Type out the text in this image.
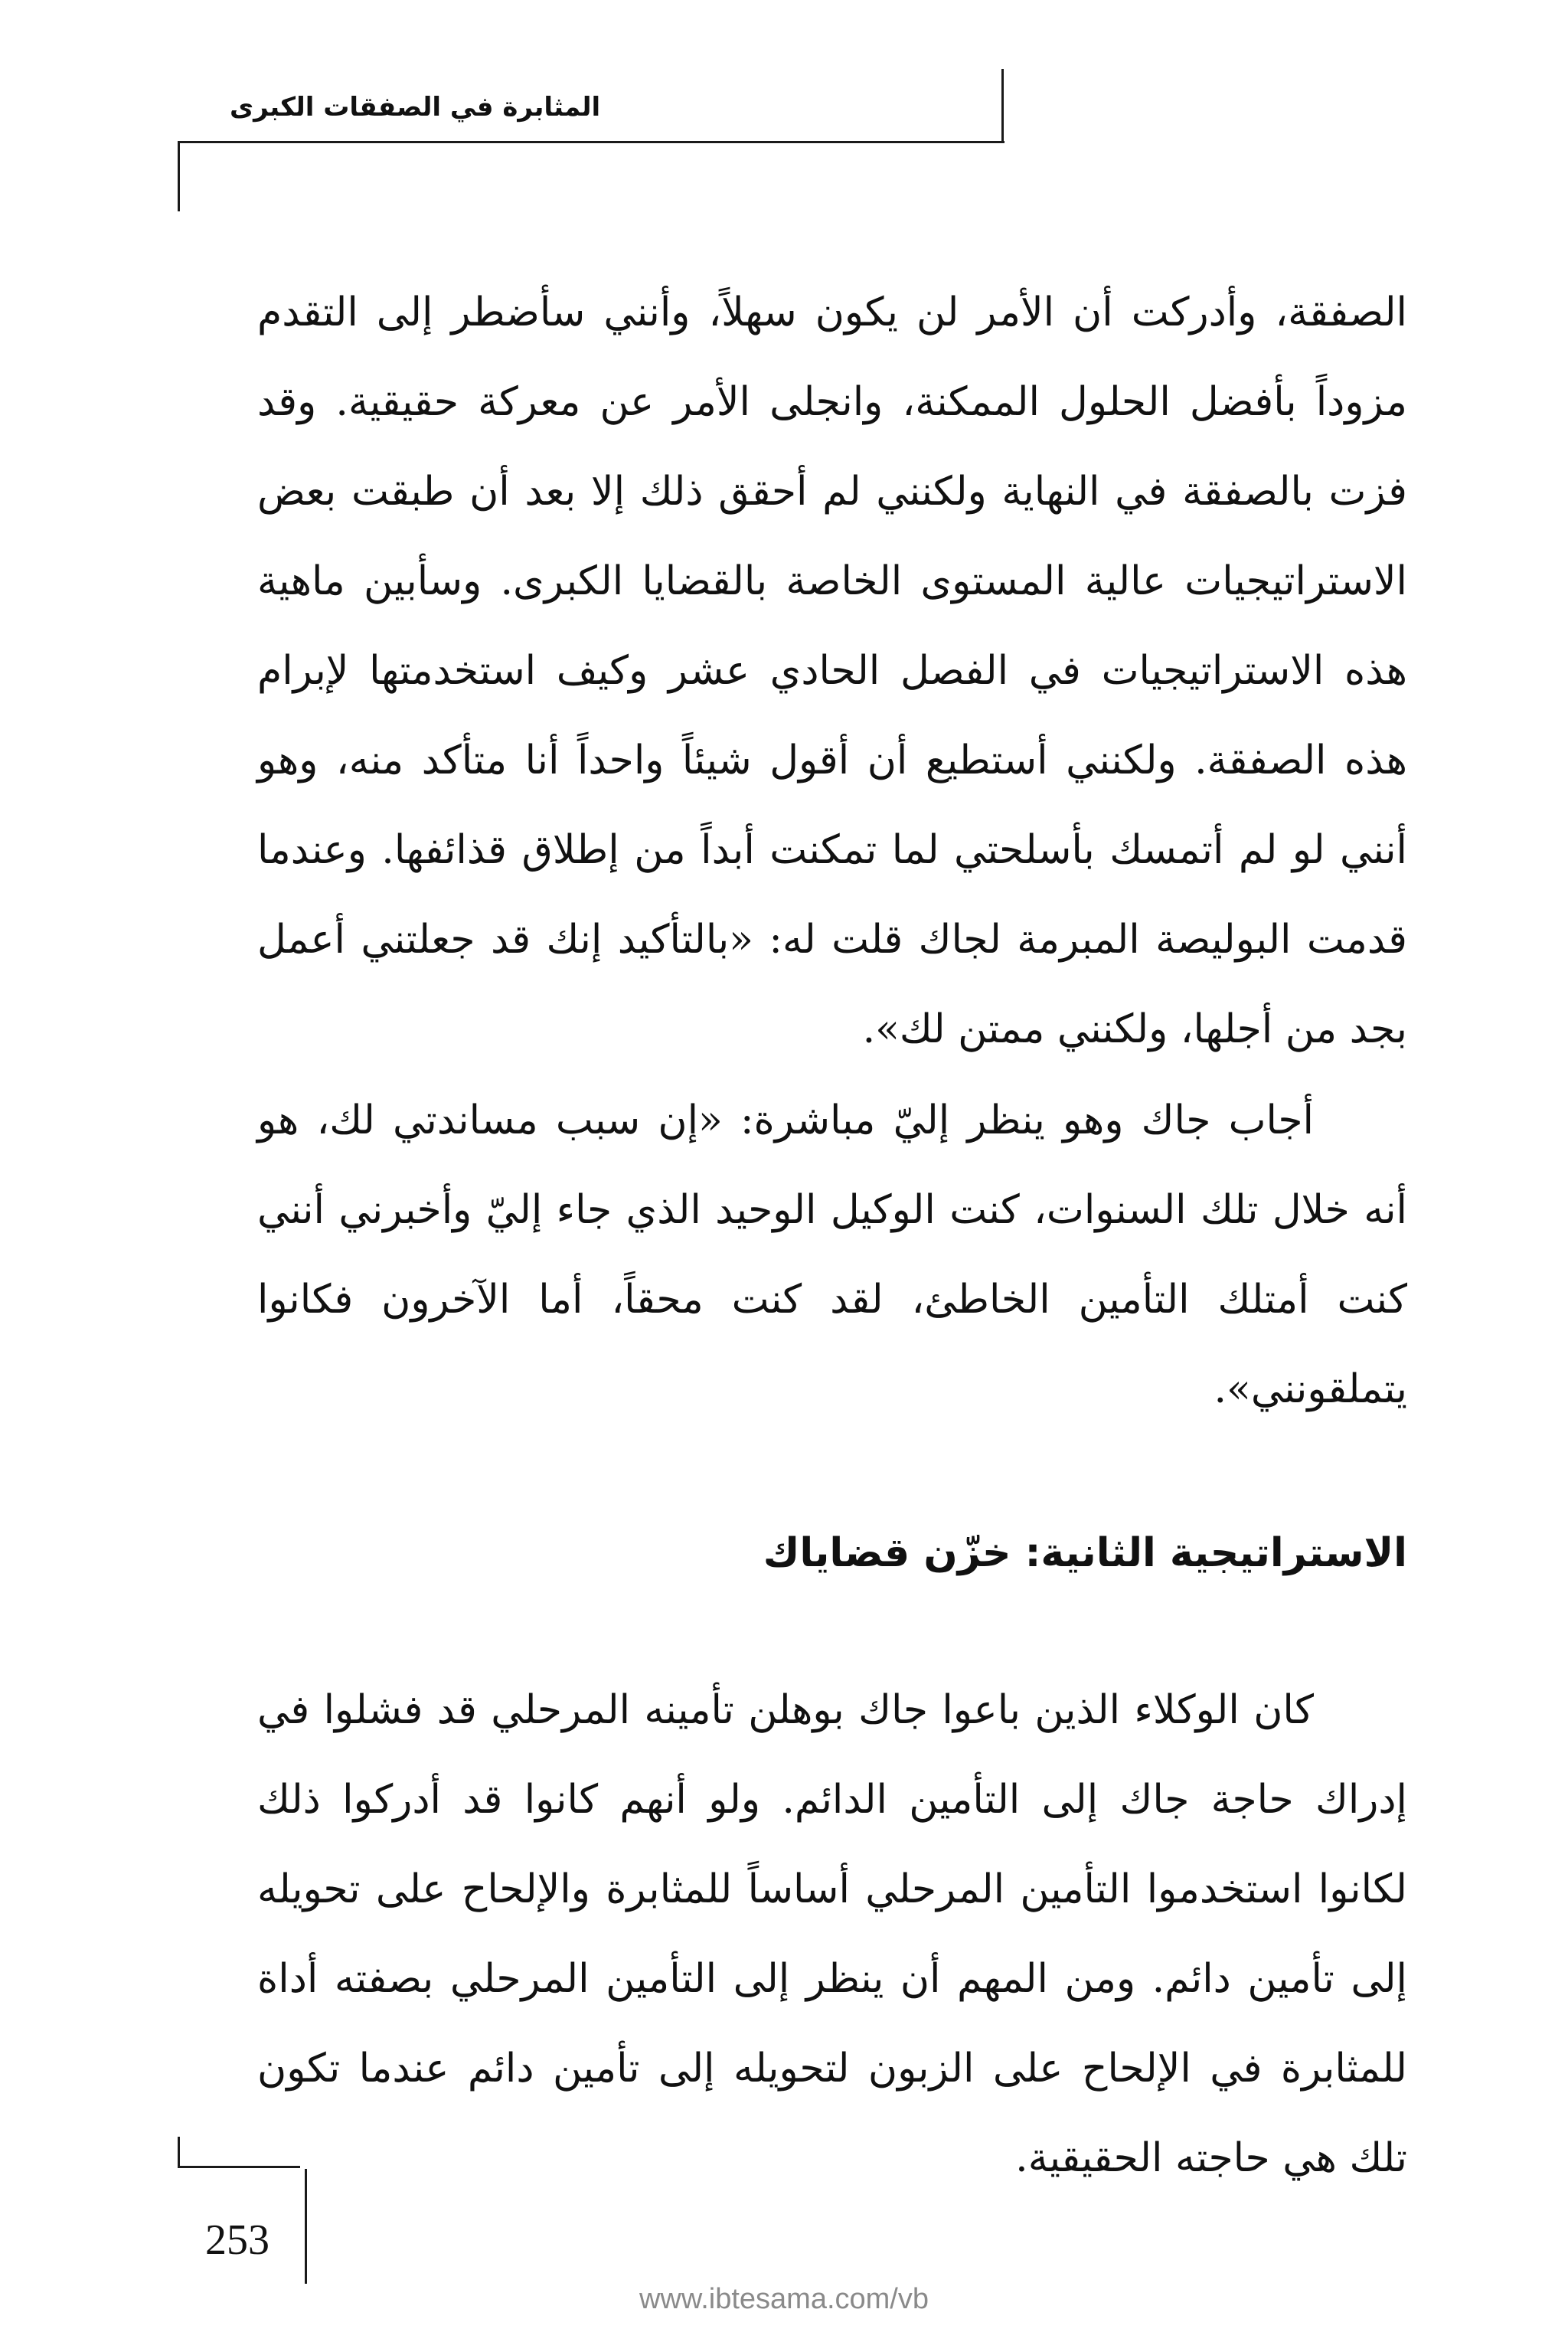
المثابرة في الصفقات الكبرى

الصفقة، وأدركت أن الأمر لن يكون سهلاً، وأنني سأضطر إلى التقدم مزوداً بأفضل الحلول الممكنة، وانجلى الأمر عن معركة حقيقية. وقد فزت بالصفقة في النهاية ولكنني لم أحقق ذلك إلا بعد أن طبقت بعض الاستراتيجيات عالية المستوى الخاصة بالقضايا الكبرى. وسأبين ماهية هذه الاستراتيجيات في الفصل الحادي عشر وكيف استخدمتها لإبرام هذه الصفقة. ولكنني أستطيع أن أقول شيئاً واحداً أنا متأكد منه، وهو أنني لو لم أتمسك بأسلحتي لما تمكنت أبداً من إطلاق قذائفها. وعندما قدمت البوليصة المبرمة لجاك قلت له: «بالتأكيد إنك قد جعلتني أعمل بجد من أجلها، ولكنني ممتن لك».

أجاب جاك وهو ينظر إليّ مباشرة: «إن سبب مساندتي لك، هو أنه خلال تلك السنوات، كنت الوكيل الوحيد الذي جاء إليّ وأخبرني أنني كنت أمتلك التأمين الخاطئ، لقد كنت محقاً، أما الآخرون فكانوا يتملقونني».

الاستراتيجية الثانية: خزّن قضاياك

كان الوكلاء الذين باعوا جاك بوهلن تأمينه المرحلي قد فشلوا في إدراك حاجة جاك إلى التأمين الدائم. ولو أنهم كانوا قد أدركوا ذلك لكانوا استخدموا التأمين المرحلي أساساً للمثابرة والإلحاح على تحويله إلى تأمين دائم. ومن المهم أن ينظر إلى التأمين المرحلي بصفته أداة للمثابرة في الإلحاح على الزبون لتحويله إلى تأمين دائم عندما تكون تلك هي حاجته الحقيقية.

253
www.ibtesama.com/vb
